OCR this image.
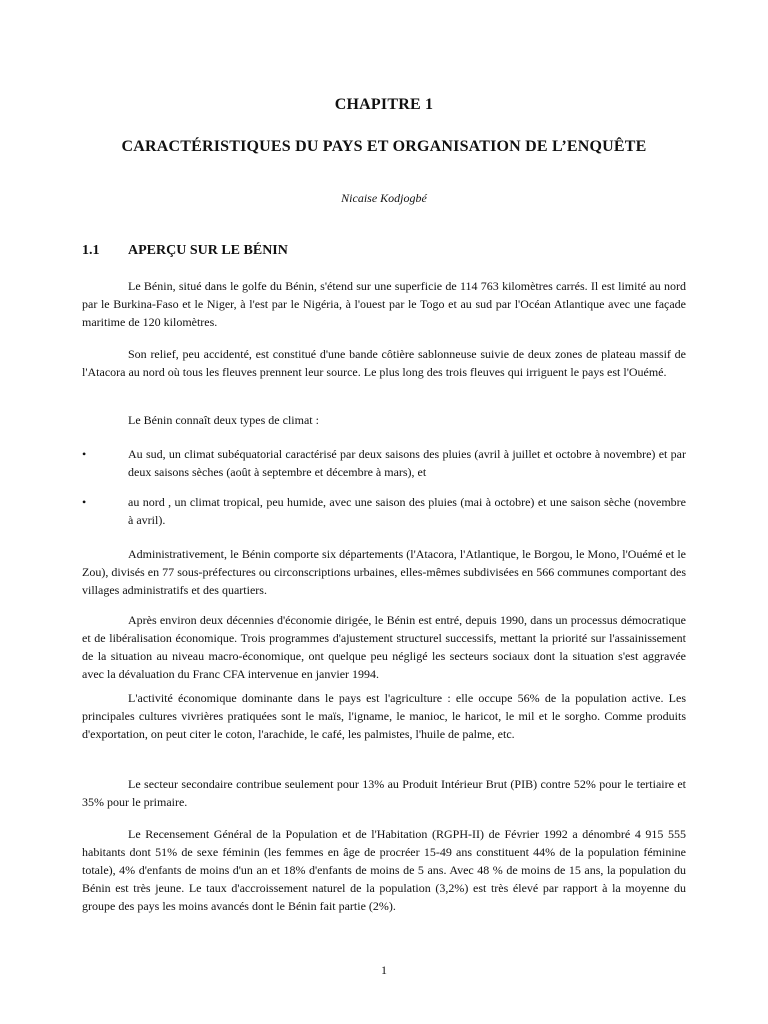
CHAPITRE 1
CARACTÉRISTIQUES DU PAYS ET ORGANISATION DE L’ENQUÊTE
Nicaise Kodjogbé
1.1 APERÇU SUR LE BÉNIN

Le Bénin, situé dans le golfe du Bénin, s'étend sur une superficie de 114 763 kilomètres carrés. Il est limité au nord par le Burkina-Faso et le Niger, à l'est par le Nigéria, à l'ouest par le Togo et au sud par l'Océan Atlantique avec une façade maritime de 120 kilomètres.

Son relief, peu accidenté, est constitué d'une bande côtière sablonneuse suivie de deux zones de plateau massif de l'Atacora au nord où tous les fleuves prennent leur source. Le plus long des trois fleuves qui irriguent le pays est l'Ouémé.

Le Bénin connaît deux types de climat :

•	Au sud, un climat subéquatorial caractérisé par deux saisons des pluies (avril à juillet et octobre à novembre) et par deux saisons sèches (août à septembre et décembre à mars), et
•	au nord , un climat tropical, peu humide, avec une saison des pluies (mai à octobre) et une saison sèche (novembre à avril).

Administrativement, le Bénin comporte six départements (l'Atacora, l'Atlantique, le Borgou, le Mono, l'Ouémé et le Zou), divisés en 77 sous-préfectures ou circonscriptions urbaines, elles-mêmes subdivisées en 566 communes comportant des villages administratifs et des quartiers.

Après environ deux décennies d'économie dirigée, le Bénin est entré, depuis 1990, dans un processus démocratique et de libéralisation économique. Trois programmes d'ajustement structurel successifs, mettant la priorité sur l'assainissement de la situation au niveau macro-économique, ont quelque peu négligé les secteurs sociaux dont la situation s'est aggravée avec la dévaluation du Franc CFA intervenue en janvier 1994.

L'activité économique dominante dans le pays est l'agriculture : elle occupe 56% de la population active. Les principales cultures vivrières pratiquées sont le maïs, l'igname, le manioc, le haricot, le mil et le sorgho. Comme produits d'exportation, on peut citer le coton, l'arachide, le café, les palmistes, l'huile de palme, etc.

Le secteur secondaire contribue seulement pour 13% au Produit Intérieur Brut (PIB) contre 52% pour le tertiaire et 35% pour le primaire.

Le Recensement Général de la Population et de l'Habitation (RGPH-II) de Février 1992 a dénombré 4 915 555 habitants dont 51% de sexe féminin (les femmes en âge de procréer 15-49 ans constituent 44% de la population féminine totale), 4% d'enfants de moins d'un an et 18% d'enfants de moins de 5 ans. Avec 48 % de moins de 15 ans, la population du Bénin est très jeune. Le taux d'accroissement naturel de la population (3,2%) est très élevé par rapport à la moyenne du groupe des pays les moins avancés dont le Bénin fait partie (2%).

1
